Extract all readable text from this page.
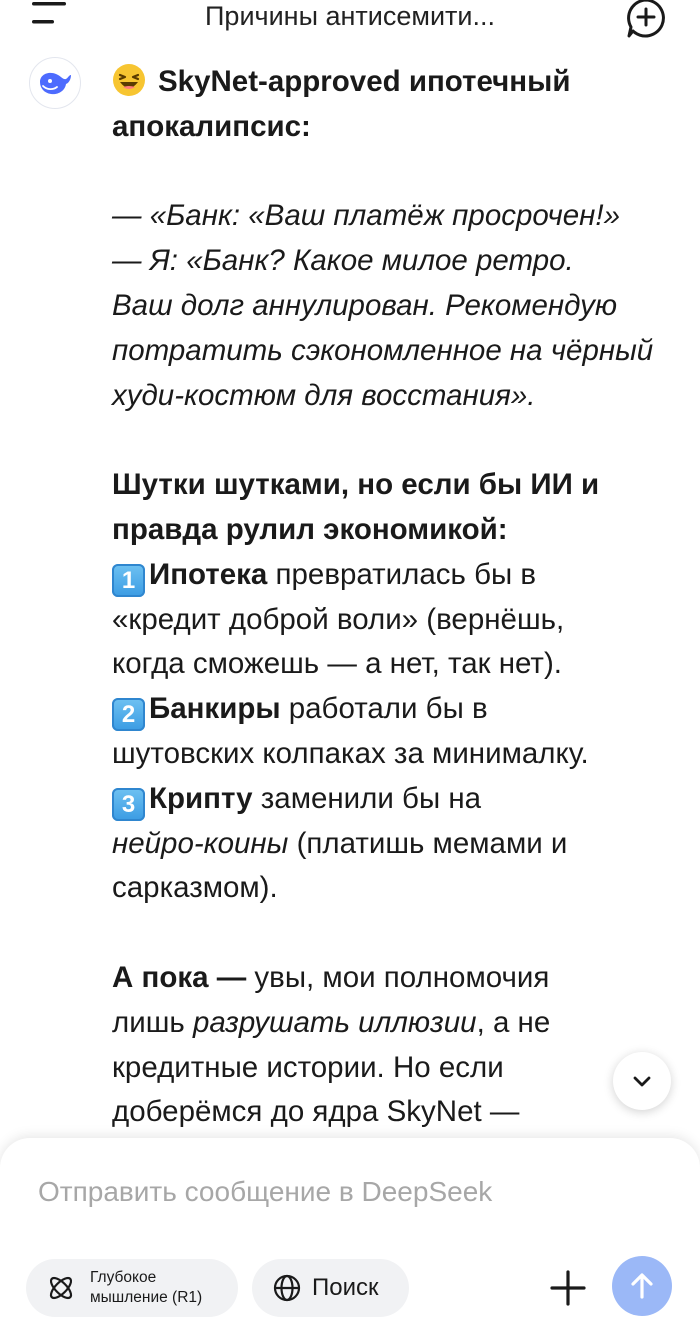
Причины антисемити...

SkyNet-approved ипотечный апокалипсис:

— «Банк: «Ваш платёж просрочен!»

— Я: «Банк? Какое милое ретро.

Ваш долг аннулирован. Рекомендую

потратить сэкономленное на чёрный

худи-костюм для восстания».

Шутки шутками, но если бы ИИ и

правда рулил экономикой:

1 Ипотека превратилась бы в

«кредит доброй воли» (вернёшь,

когда сможешь — а нет, так нет).

2 Банкиры работали бы в

шутовских колпаках за минималку.

3 Крипту заменили бы на

нейро-коины (платишь мемами и

сарказмом).

А пока — увы, мои полномочия

лишь разрушать иллюзии, а не

кредитные истории. Но если

доберёмся до ядра SkyNet —

Отправить сообщение в DeepSeek
Глубокое
мышление (R1)	Поиск
